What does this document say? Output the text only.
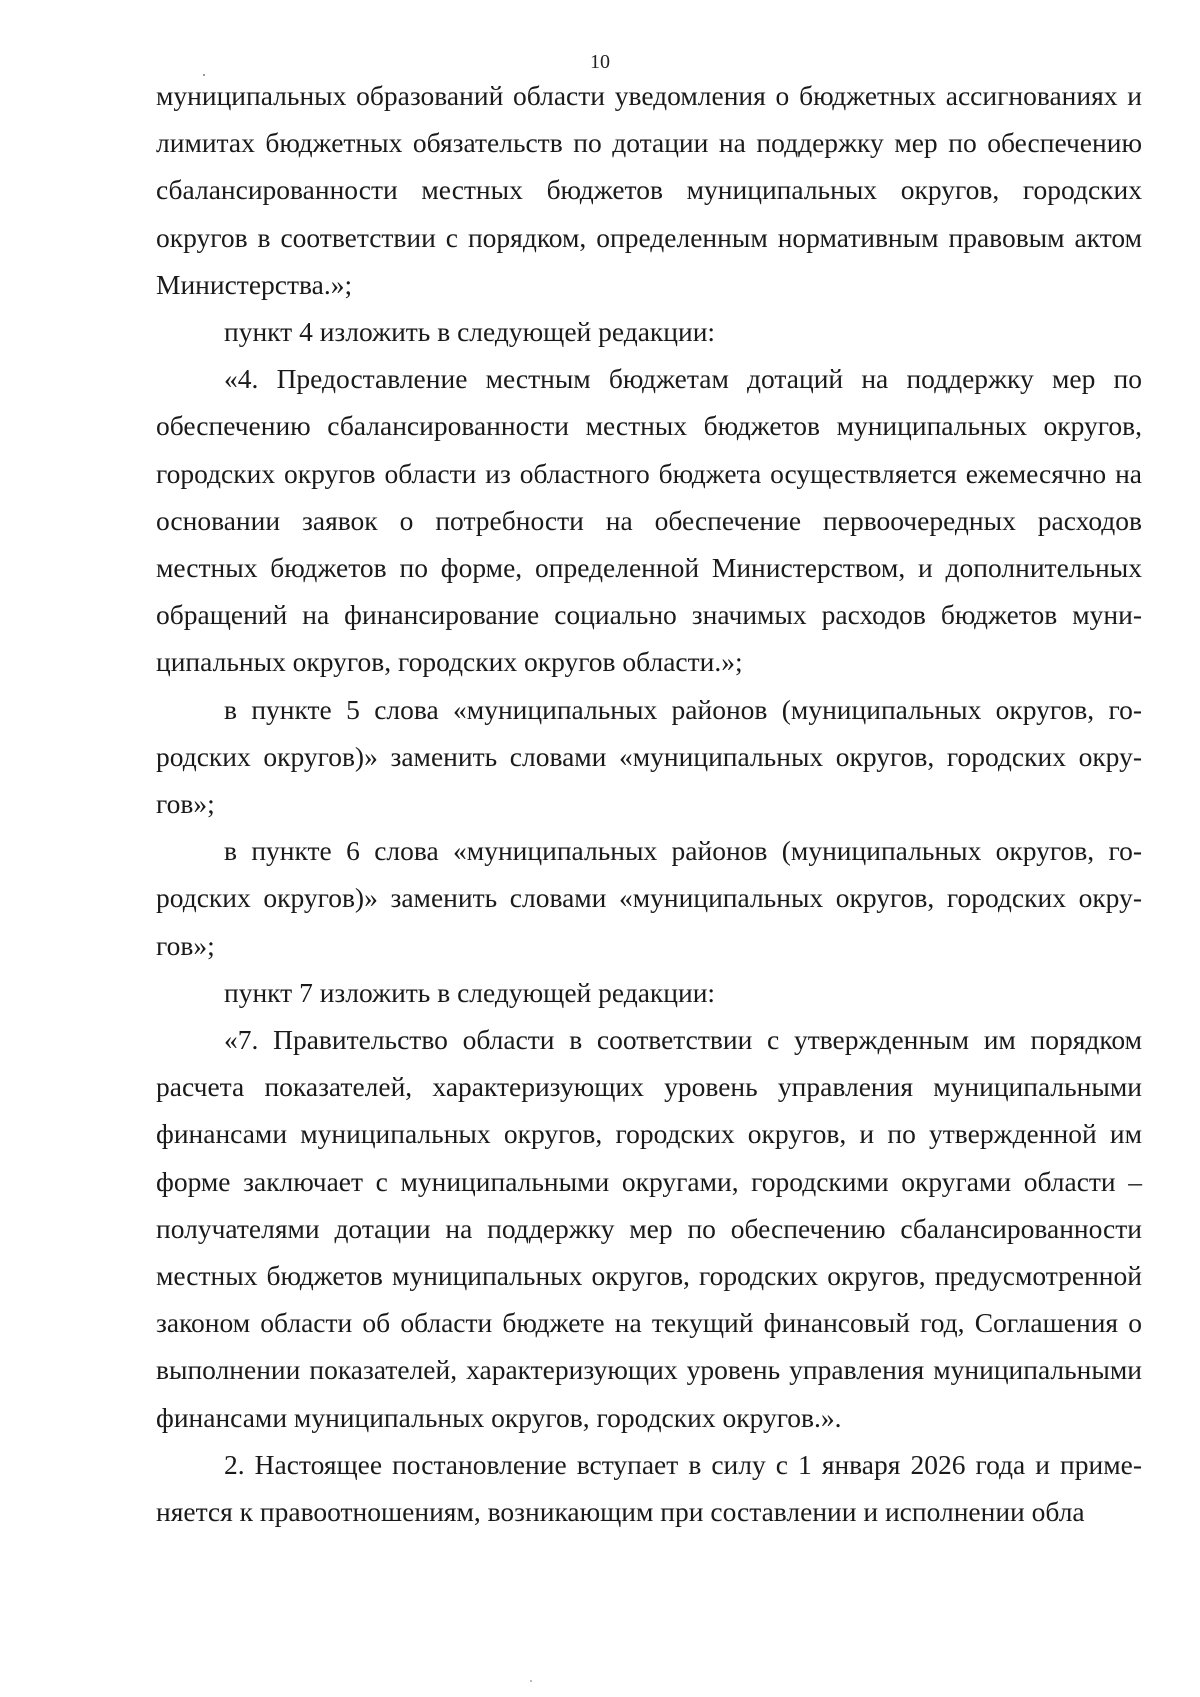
10

муниципальных образований области уведомления о бюджетных ассигнованиях и лимитах бюджетных обязательств по дотации на поддержку мер по обеспечению сбалансированности местных бюджетов муниципальных округов, городских округов в соответствии с порядком, определенным нормативным правовым актом Министерства.»;

пункт 4 изложить в следующей редакции:

«4. Предоставление местным бюджетам дотаций на поддержку мер по обеспечению сбалансированности местных бюджетов муниципальных округов, городских округов области из областного бюджета осуществляется ежемесячно на основании заявок о потребности на обеспечение первоочередных расходов местных бюджетов по форме, определенной Министерством, и дополнительных обращений на финансирование социально значимых расходов бюджетов муниципальных округов, городских округов области.»;

в пункте 5 слова «муниципальных районов (муниципальных округов, городских округов)» заменить словами «муниципальных округов, городских округов»;

в пункте 6 слова «муниципальных районов (муниципальных округов, городских округов)» заменить словами «муниципальных округов, городских округов»;

пункт 7 изложить в следующей редакции:

«7. Правительство области в соответствии с утвержденным им порядком расчета показателей, характеризующих уровень управления муниципальными финансами муниципальных округов, городских округов, и по утвержденной им форме заключает с муниципальными округами, городскими округами области – получателями дотации на поддержку мер по обеспечению сбалансированности местных бюджетов муниципальных округов, городских округов, предусмотренной законом области об области бюджете на текущий финансовый год, Соглашения о выполнении показателей, характеризующих уровень управления муниципальными финансами муниципальных округов, городских округов.».

2. Настоящее постановление вступает в силу с 1 января 2026 года и применяется к правоотношениям, возникающим при составлении и исполнении обла
